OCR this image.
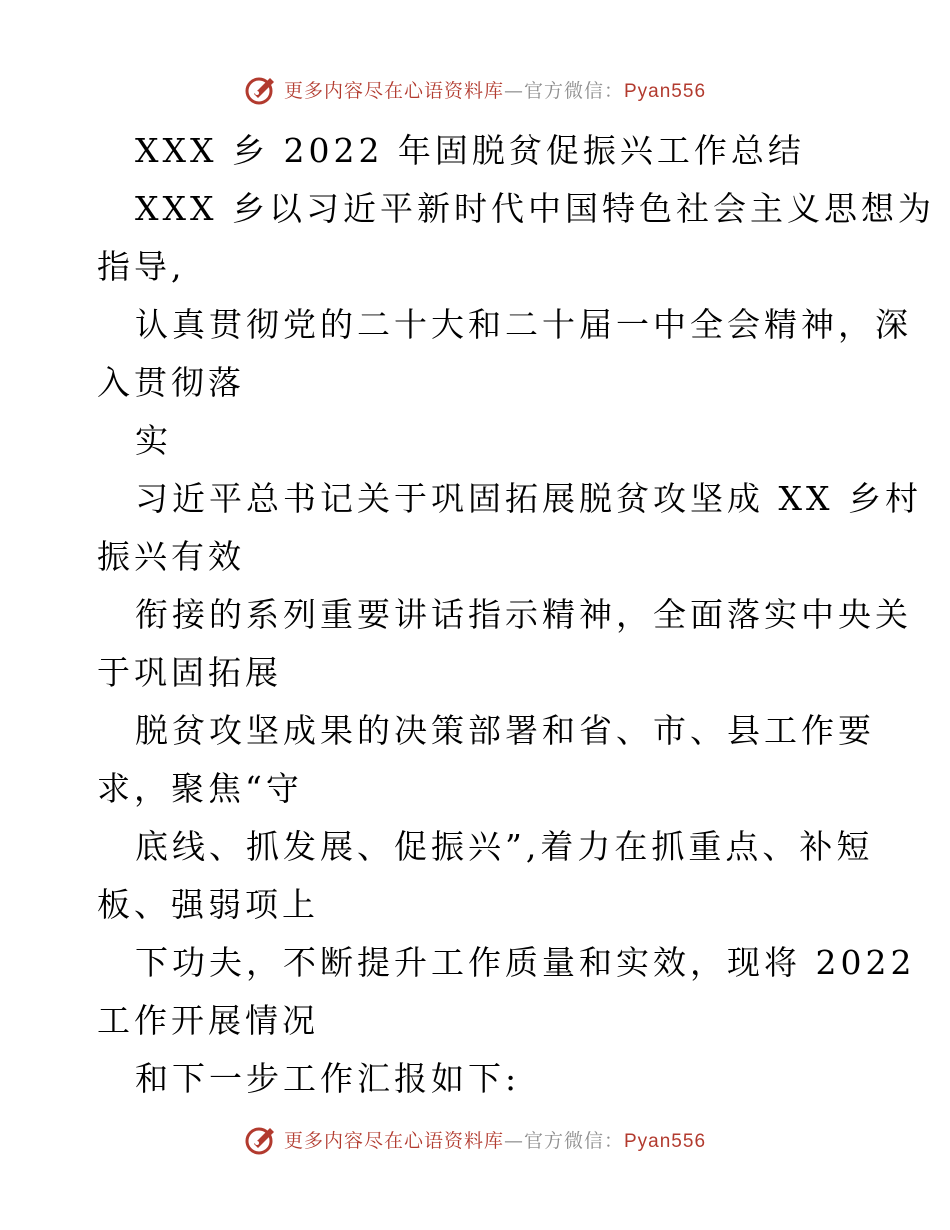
更多内容尽在心语资料库—官方微信：Pyan556
XXX 乡 2022 年固脱贫促振兴工作总结
XXX 乡以习近平新时代中国特色社会主义思想为
指导,
认真贯彻党的二十大和二十届一中全会精神，深
入贯彻落
实
习近平总书记关于巩固拓展脱贫攻坚成 XX 乡村
振兴有效
衔接的系列重要讲话指示精神，全面落实中央关
于巩固拓展
脱贫攻坚成果的决策部署和省、市、县工作要
求，聚焦“守
底线、抓发展、促振兴”,着力在抓重点、补短
板、强弱项上
下功夫，不断提升工作质量和实效，现将 2022
工作开展情况
和下一步工作汇报如下:
更多内容尽在心语资料库—官方微信：Pyan556
